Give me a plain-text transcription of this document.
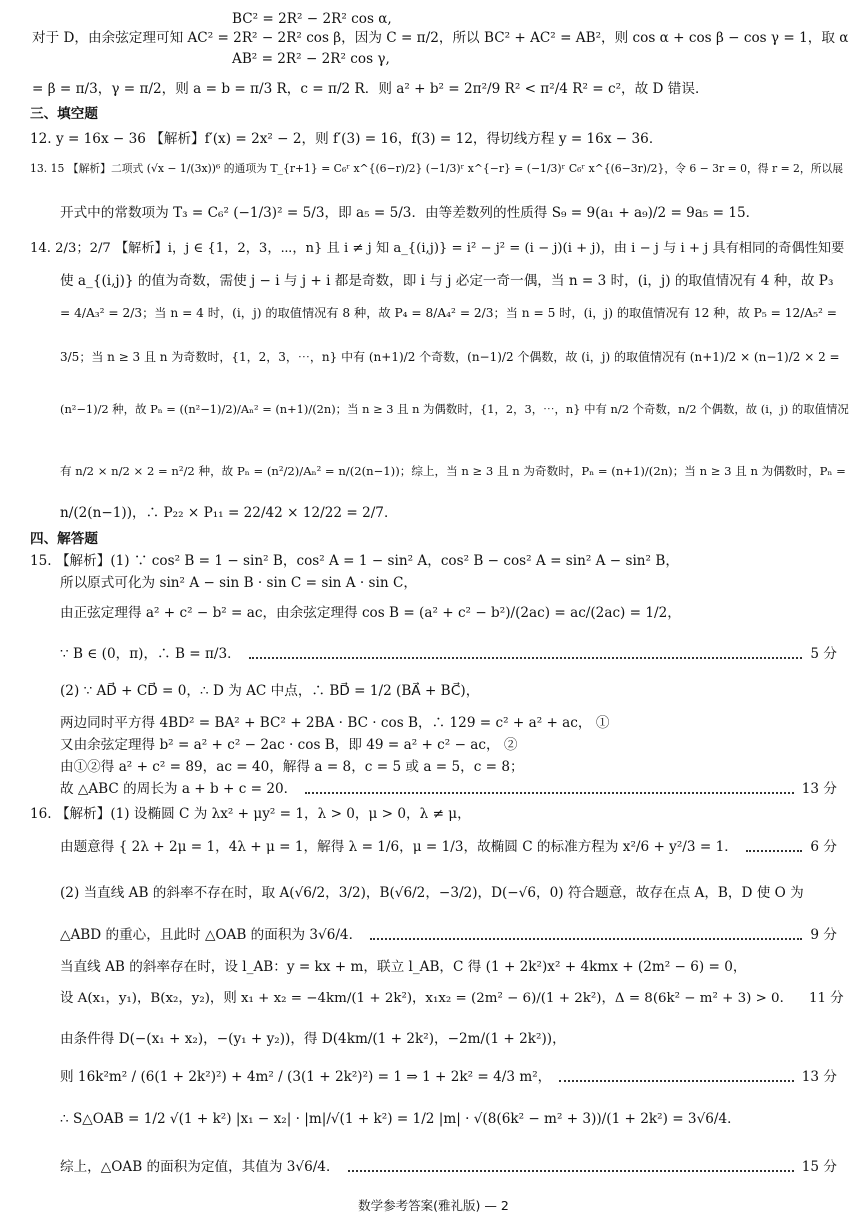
BC² = 2R² − 2R² cos α,
对于 D，由余弦定理可知 AC² = 2R² − 2R² cos β，因为 C = π/2，所以 BC² + AC² = AB²，则 cos α + cos β − cos γ = 1，取 α
AB² = 2R² − 2R² cos γ,
= β = π/3，γ = π/2，则 a = b = π/3 R，c = π/2 R．则 a² + b² = 2π²/9 R² < π²/4 R² = c²，故 D 错误．
三、填空题
12. y = 16x − 36 【解析】f′(x) = 2x² − 2，则 f′(3) = 16，f(3) = 12，得切线方程 y = 16x − 36．
13. 15 【解析】二项式 (√x − 1/(3x))⁶ 的通项为 T_{r+1} = C₆ʳ x^{(6−r)/2} (−1/3)ʳ x^{−r} = (−1/3)ʳ C₆ʳ x^{(6−3r)/2}，令 6 − 3r = 0，得 r = 2，所以展
开式中的常数项为 T₃ = C₆² (−1/3)² = 5/3，即 a₅ = 5/3．由等差数列的性质得 S₉ = 9(a₁ + a₉)/2 = 9a₅ = 15．
14. 2/3；2/7 【解析】i，j ∈ {1，2，3，⋯，n} 且 i ≠ j 知 a_{(i,j)} = i² − j² = (i − j)(i + j)，由 i − j 与 i + j 具有相同的奇偶性知要
使 a_{(i,j)} 的值为奇数，需使 j − i 与 j + i 都是奇数，即 i 与 j 必定一奇一偶，当 n = 3 时，(i，j) 的取值情况有 4 种，故 P₃
= 4/A₃² = 2/3；当 n = 4 时，(i，j) 的取值情况有 8 种，故 P₄ = 8/A₄² = 2/3；当 n = 5 时，(i，j) 的取值情况有 12 种，故 P₅ = 12/A₅² =
3/5；当 n ≥ 3 且 n 为奇数时，{1，2，3，⋯，n} 中有 (n+1)/2 个奇数，(n−1)/2 个偶数，故 (i，j) 的取值情况有 (n+1)/2 × (n−1)/2 × 2 =
(n²−1)/2 种，故 Pₙ = ((n²−1)/2)/Aₙ² = (n+1)/(2n)；当 n ≥ 3 且 n 为偶数时，{1，2，3，⋯，n} 中有 n/2 个奇数，n/2 个偶数，故 (i，j) 的取值情况
有 n/2 × n/2 × 2 = n²/2 种，故 Pₙ = (n²/2)/Aₙ² = n/(2(n−1))；综上，当 n ≥ 3 且 n 为奇数时，Pₙ = (n+1)/(2n)；当 n ≥ 3 且 n 为偶数时，Pₙ =
n/(2(n−1))，∴ P₂₂ × P₁₁ = 22/42 × 12/22 = 2/7．
四、解答题
15. 【解析】(1) ∵ cos² B = 1 − sin² B，cos² A = 1 − sin² A，cos² B − cos² A = sin² A − sin² B，
所以原式可化为 sin² A − sin B · sin C = sin A · sin C，
由正弦定理得 a² + c² − b² = ac，由余弦定理得 cos B = (a² + c² − b²)/(2ac) = ac/(2ac) = 1/2，
∵ B ∈ (0，π)，∴ B = π/3．	5 分
(2) ∵ AD⃗ + CD⃗ = 0，∴ D 为 AC 中点，∴ BD⃗ = 1/2 (BA⃗ + BC⃗)，
两边同时平方得 4BD² = BA² + BC² + 2BA · BC · cos B，∴ 129 = c² + a² + ac， ①
又由余弦定理得 b² = a² + c² − 2ac · cos B，即 49 = a² + c² − ac， ②
由①②得 a² + c² = 89，ac = 40，解得 a = 8，c = 5 或 a = 5，c = 8；
故 △ABC 的周长为 a + b + c = 20．	13 分
16. 【解析】(1) 设椭圆 C 为 λx² + μy² = 1，λ > 0，μ > 0，λ ≠ μ，
由题意得 { 2λ + 2μ = 1，4λ + μ = 1，解得 λ = 1/6，μ = 1/3，故椭圆 C 的标准方程为 x²/6 + y²/3 = 1．	6 分
(2) 当直线 AB 的斜率不存在时，取 A(√6/2，3/2)，B(√6/2，−3/2)，D(−√6，0) 符合题意，故存在点 A，B，D 使 O 为
△ABD 的重心，且此时 △OAB 的面积为 3√6/4．	9 分
当直线 AB 的斜率存在时，设 l_AB：y = kx + m，联立 l_AB，C 得 (1 + 2k²)x² + 4kmx + (2m² − 6) = 0，
设 A(x₁，y₁)，B(x₂，y₂)，则 x₁ + x₂ = −4km/(1 + 2k²)，x₁x₂ = (2m² − 6)/(1 + 2k²)，Δ = 8(6k² − m² + 3) > 0． 11 分
由条件得 D(−(x₁ + x₂)，−(y₁ + y₂))，得 D(4km/(1 + 2k²)，−2m/(1 + 2k²))，
则 16k²m² / (6(1 + 2k²)²) + 4m² / (3(1 + 2k²)²) = 1 ⇒ 1 + 2k² = 4/3 m²，	13 分
∴ S△OAB = 1/2 √(1 + k²) |x₁ − x₂| · |m|/√(1 + k²) = 1/2 |m| · √(8(6k² − m² + 3))/(1 + 2k²) = 3√6/4．
综上，△OAB 的面积为定值，其值为 3√6/4．	15 分
数学参考答案(雅礼版) — 2
